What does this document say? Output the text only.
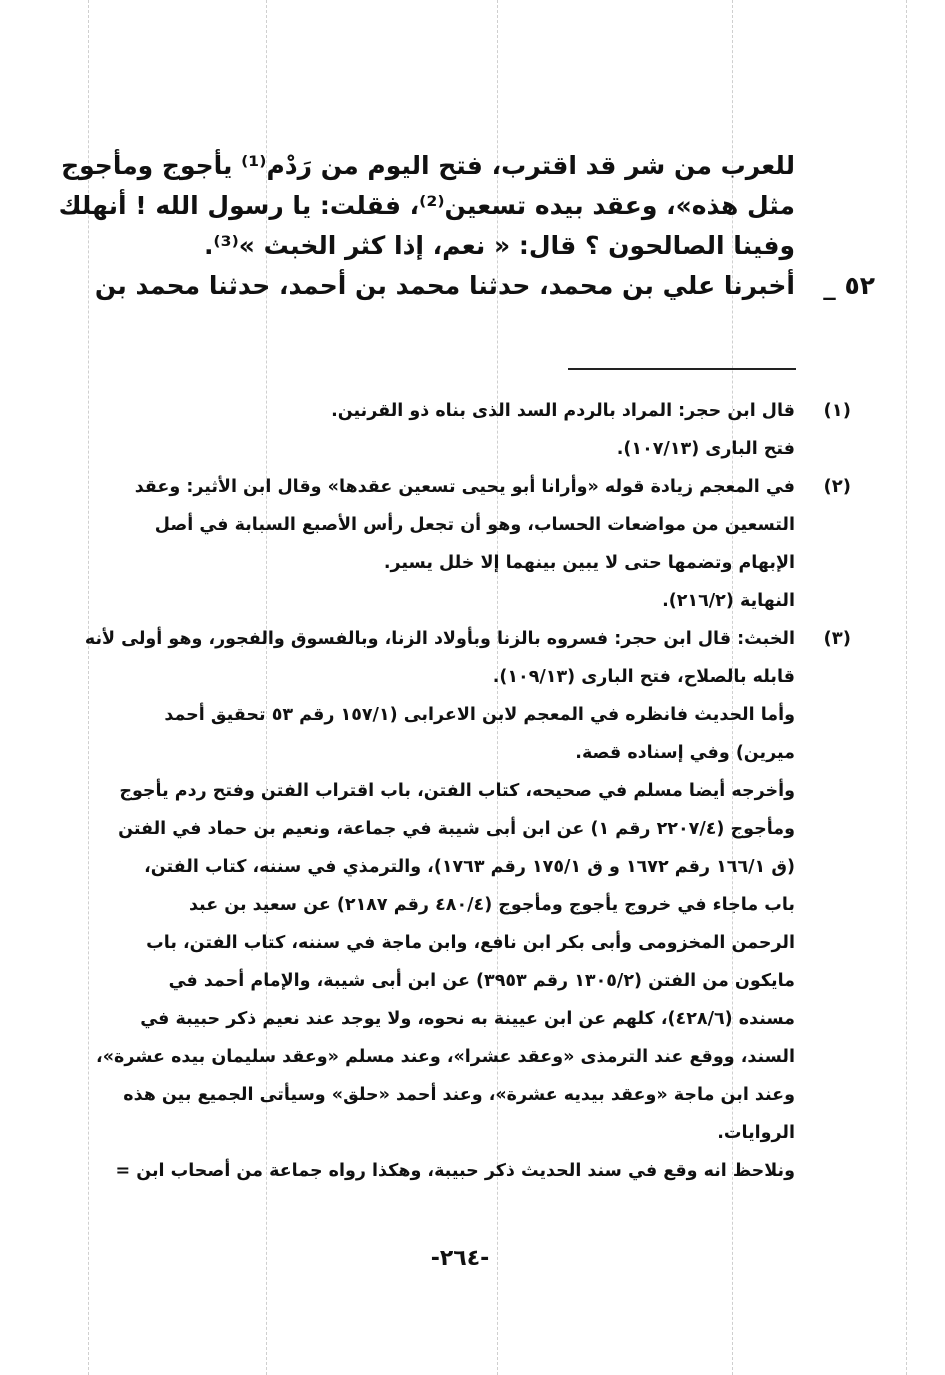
للعرب من شر قد اقترب، فتح اليوم من رَدْم⁽¹⁾ يأجوج ومأجوج
مثل هذه»، وعقد بيده تسعين⁽²⁾، فقلت: يا رسول الله ! أنهلك
وفينا الصالحون ؟ قال: « نعم، إذا كثر الخبث »⁽³⁾.
٥٢ _
أخبرنا علي بن محمد، حدثنا محمد بن أحمد، حدثنا محمد بن
(١)
قال ابن حجر: المراد بالردم السد الذى بناه ذو القرنين.
فتح البارى (١٠٧/١٣).
(٢)
في المعجم زيادة قوله «وأرانا أبو يحيى تسعين عقدها» وقال ابن الأثير: وعقد
التسعين من مواضعات الحساب، وهو أن تجعل رأس الأصبع السبابة في أصل
الإبهام وتضمها حتى لا يبين بينهما إلا خلل يسير.
النهاية (٢١٦/٢).
(٣)
الخبث: قال ابن حجر: فسروه بالزنا وبأولاد الزنا، وبالفسوق والفجور، وهو أولى لأنه
قابله بالصلاح، فتح البارى (١٠٩/١٣).
وأما الحديث فانظره في المعجم لابن الاعرابى (١٥٧/١ رقم ٥٣ تحقيق أحمد
ميرين) وفي إسناده قصة.
وأخرجه أيضا مسلم في صحيحه، كتاب الفتن، باب اقتراب الفتن وفتح ردم يأجوج
ومأجوج (٢٢٠٧/٤ رقم ١) عن ابن أبى شيبة في جماعة، ونعيم بن حماد في الفتن
(ق ١٦٦/١ رقم ١٦٧٢ و ق ١٧٥/١ رقم ١٧٦٣)، والترمذي في سننه، كتاب الفتن،
باب ماجاء في خروج يأجوج ومأجوج (٤٨٠/٤ رقم ٢١٨٧) عن سعيد بن عبد
الرحمن المخزومى وأبى بكر ابن نافع، وابن ماجة في سننه، كتاب الفتن، باب
مايكون من الفتن (١٣٠٥/٢ رقم ٣٩٥٣) عن ابن أبى شيبة، والإمام أحمد في
مسنده (٤٢٨/٦)، كلهم عن ابن عيينة به نحوه، ولا يوجد عند نعيم ذكر حبيبة في
السند، ووقع عند الترمذى «وعقد عشرا»، وعند مسلم «وعقد سليمان بيده عشرة»،
وعند ابن ماجة «وعقد بيديه عشرة»، وعند أحمد «حلق» وسيأتى الجميع بين هذه
الروايات.
ونلاحظ انه وقع في سند الحديث ذكر حبيبة، وهكذا رواه جماعة من أصحاب ابن =
-٢٦٤-
